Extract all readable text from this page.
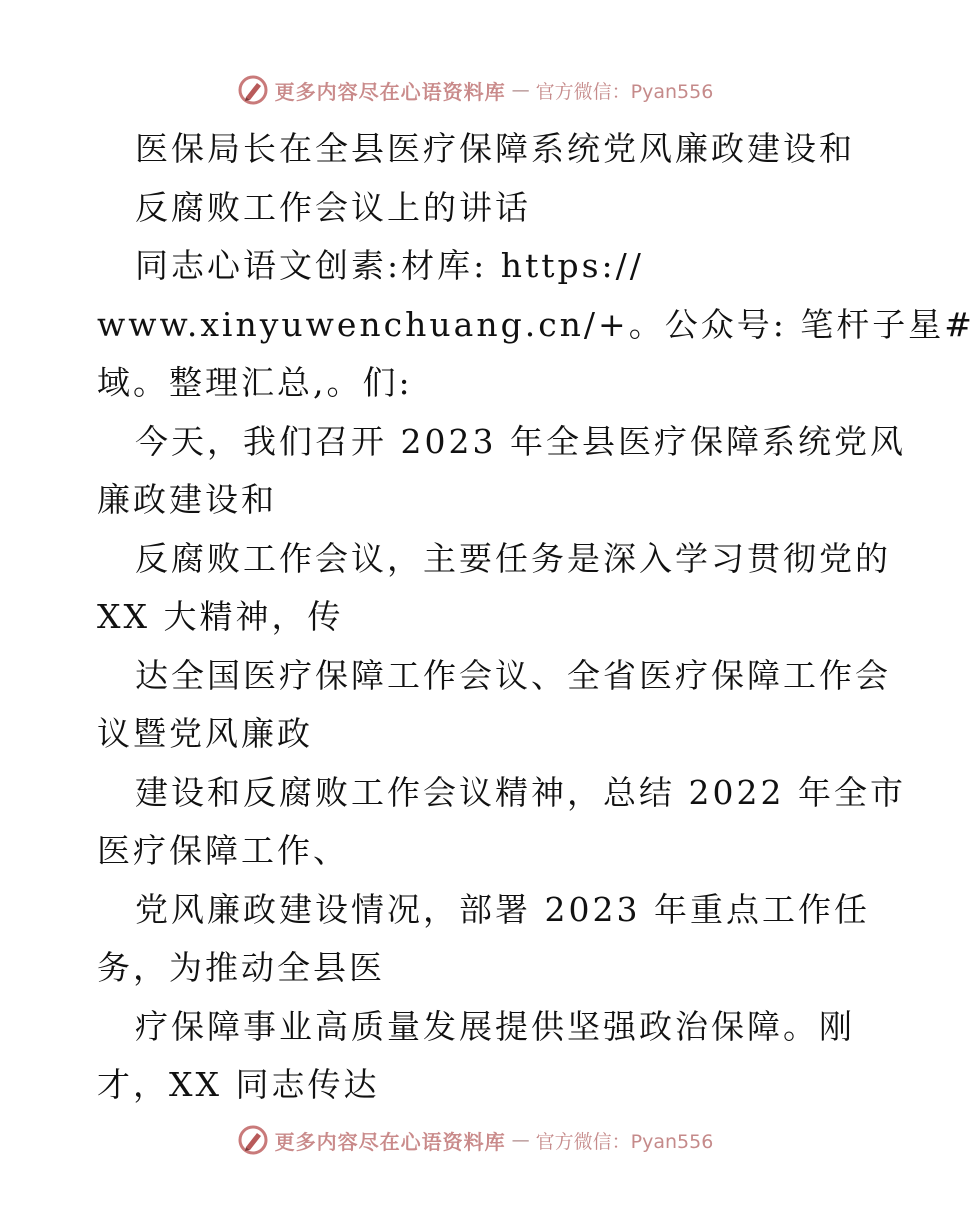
更多内容尽在心语资料库 — 官方微信：Pyan556
医保局长在全县医疗保障系统党风廉政建设和
反腐败工作会议上的讲话
同志心语文创素:材库: https://
www.xinyuwenchuang.cn/+。公众号: 笔杆子星#
域。整理汇总,。们:
今天，我们召开 2023 年全县医疗保障系统党风
廉政建设和
反腐败工作会议，主要任务是深入学习贯彻党的
XX 大精神，传
达全国医疗保障工作会议、全省医疗保障工作会
议暨党风廉政
建设和反腐败工作会议精神，总结 2022 年全市
医疗保障工作、
党风廉政建设情况，部署 2023 年重点工作任
务，为推动全县医
疗保障事业高质量发展提供坚强政治保障。刚
才，XX 同志传达
更多内容尽在心语资料库 — 官方微信：Pyan556
